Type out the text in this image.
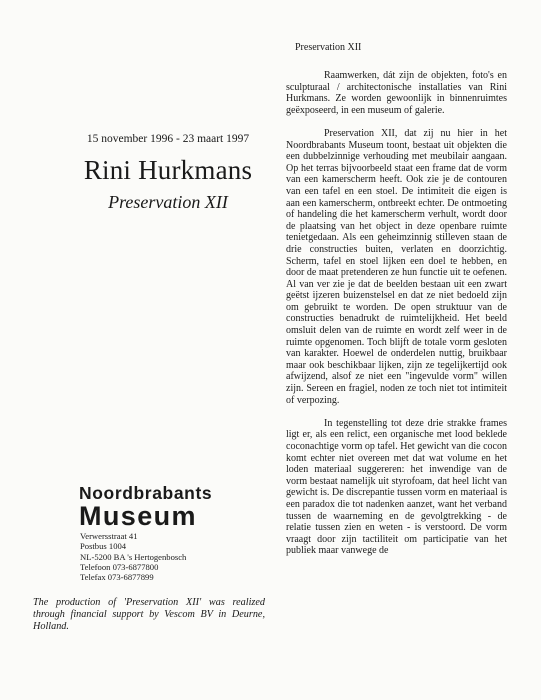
15 november 1996 - 23 maart 1997
Rini Hurkmans
Preservation XII
Noordbrabants
Museum
Verwersstraat 41
Postbus 1004
NL-5200 BA 's Hertogenbosch
Telefoon 073-6877800
Telefax 073-6877899
The production of 'Preservation XII' was realized through financial support by Vescom BV in Deurne, Holland.
Preservation XII

Raamwerken, dát zijn de objekten, foto's en sculpturaal / architectonische installaties van Rini Hurkmans. Ze worden gewoonlijk in binnenruimtes geëxposeerd, in een museum of galerie.

Preservation XII, dat zij nu hier in het Noordbrabants Museum toont, bestaat uit objekten die een dubbelzinnige verhouding met meubilair aangaan. Op het terras bijvoorbeeld staat een frame dat de vorm van een kamerscherm heeft. Ook zie je de contouren van een tafel en een stoel. De intimiteit die eigen is aan een kamerscherm, ontbreekt echter. De ontmoeting of handeling die het kamerscherm verhult, wordt door de plaatsing van het object in deze openbare ruimte tenietgedaan. Als een geheimzinnig stilleven staan de drie constructies buiten, verlaten en doorzichtig. Scherm, tafel en stoel lijken een doel te hebben, en door de maat pretenderen ze hun functie uit te oefenen. Al van ver zie je dat de beelden bestaan uit een zwart geëtst ijzeren buizenstelsel en dat ze niet bedoeld zijn om gebruikt te worden. De open struktuur van de constructies benadrukt de ruimtelijkheid. Het beeld omsluit delen van de ruimte en wordt zelf weer in de ruimte opgenomen. Toch blijft de totale vorm gesloten van karakter. Hoewel de onderdelen nuttig, bruikbaar maar ook beschikbaar lijken, zijn ze tegelijkertijd ook afwijzend, alsof ze niet een "ingevulde vorm" willen zijn. Sereen en fragiel, noden ze toch niet tot intimiteit of verpozing.

In tegenstelling tot deze drie strakke frames ligt er, als een relict, een organische met lood beklede coconachtige vorm op tafel. Het gewicht van die cocon komt echter niet overeen met dat wat volume en het loden materiaal suggereren: het inwendige van de vorm bestaat namelijk uit styrofoam, dat heel licht van gewicht is. De discrepantie tussen vorm en materiaal is een paradox die tot nadenken aanzet, want het verband tussen de waarneming en de gevolgtrekking - de relatie tussen zien en weten - is verstoord. De vorm vraagt door zijn tactiliteit om participatie van het publiek maar vanwege de
